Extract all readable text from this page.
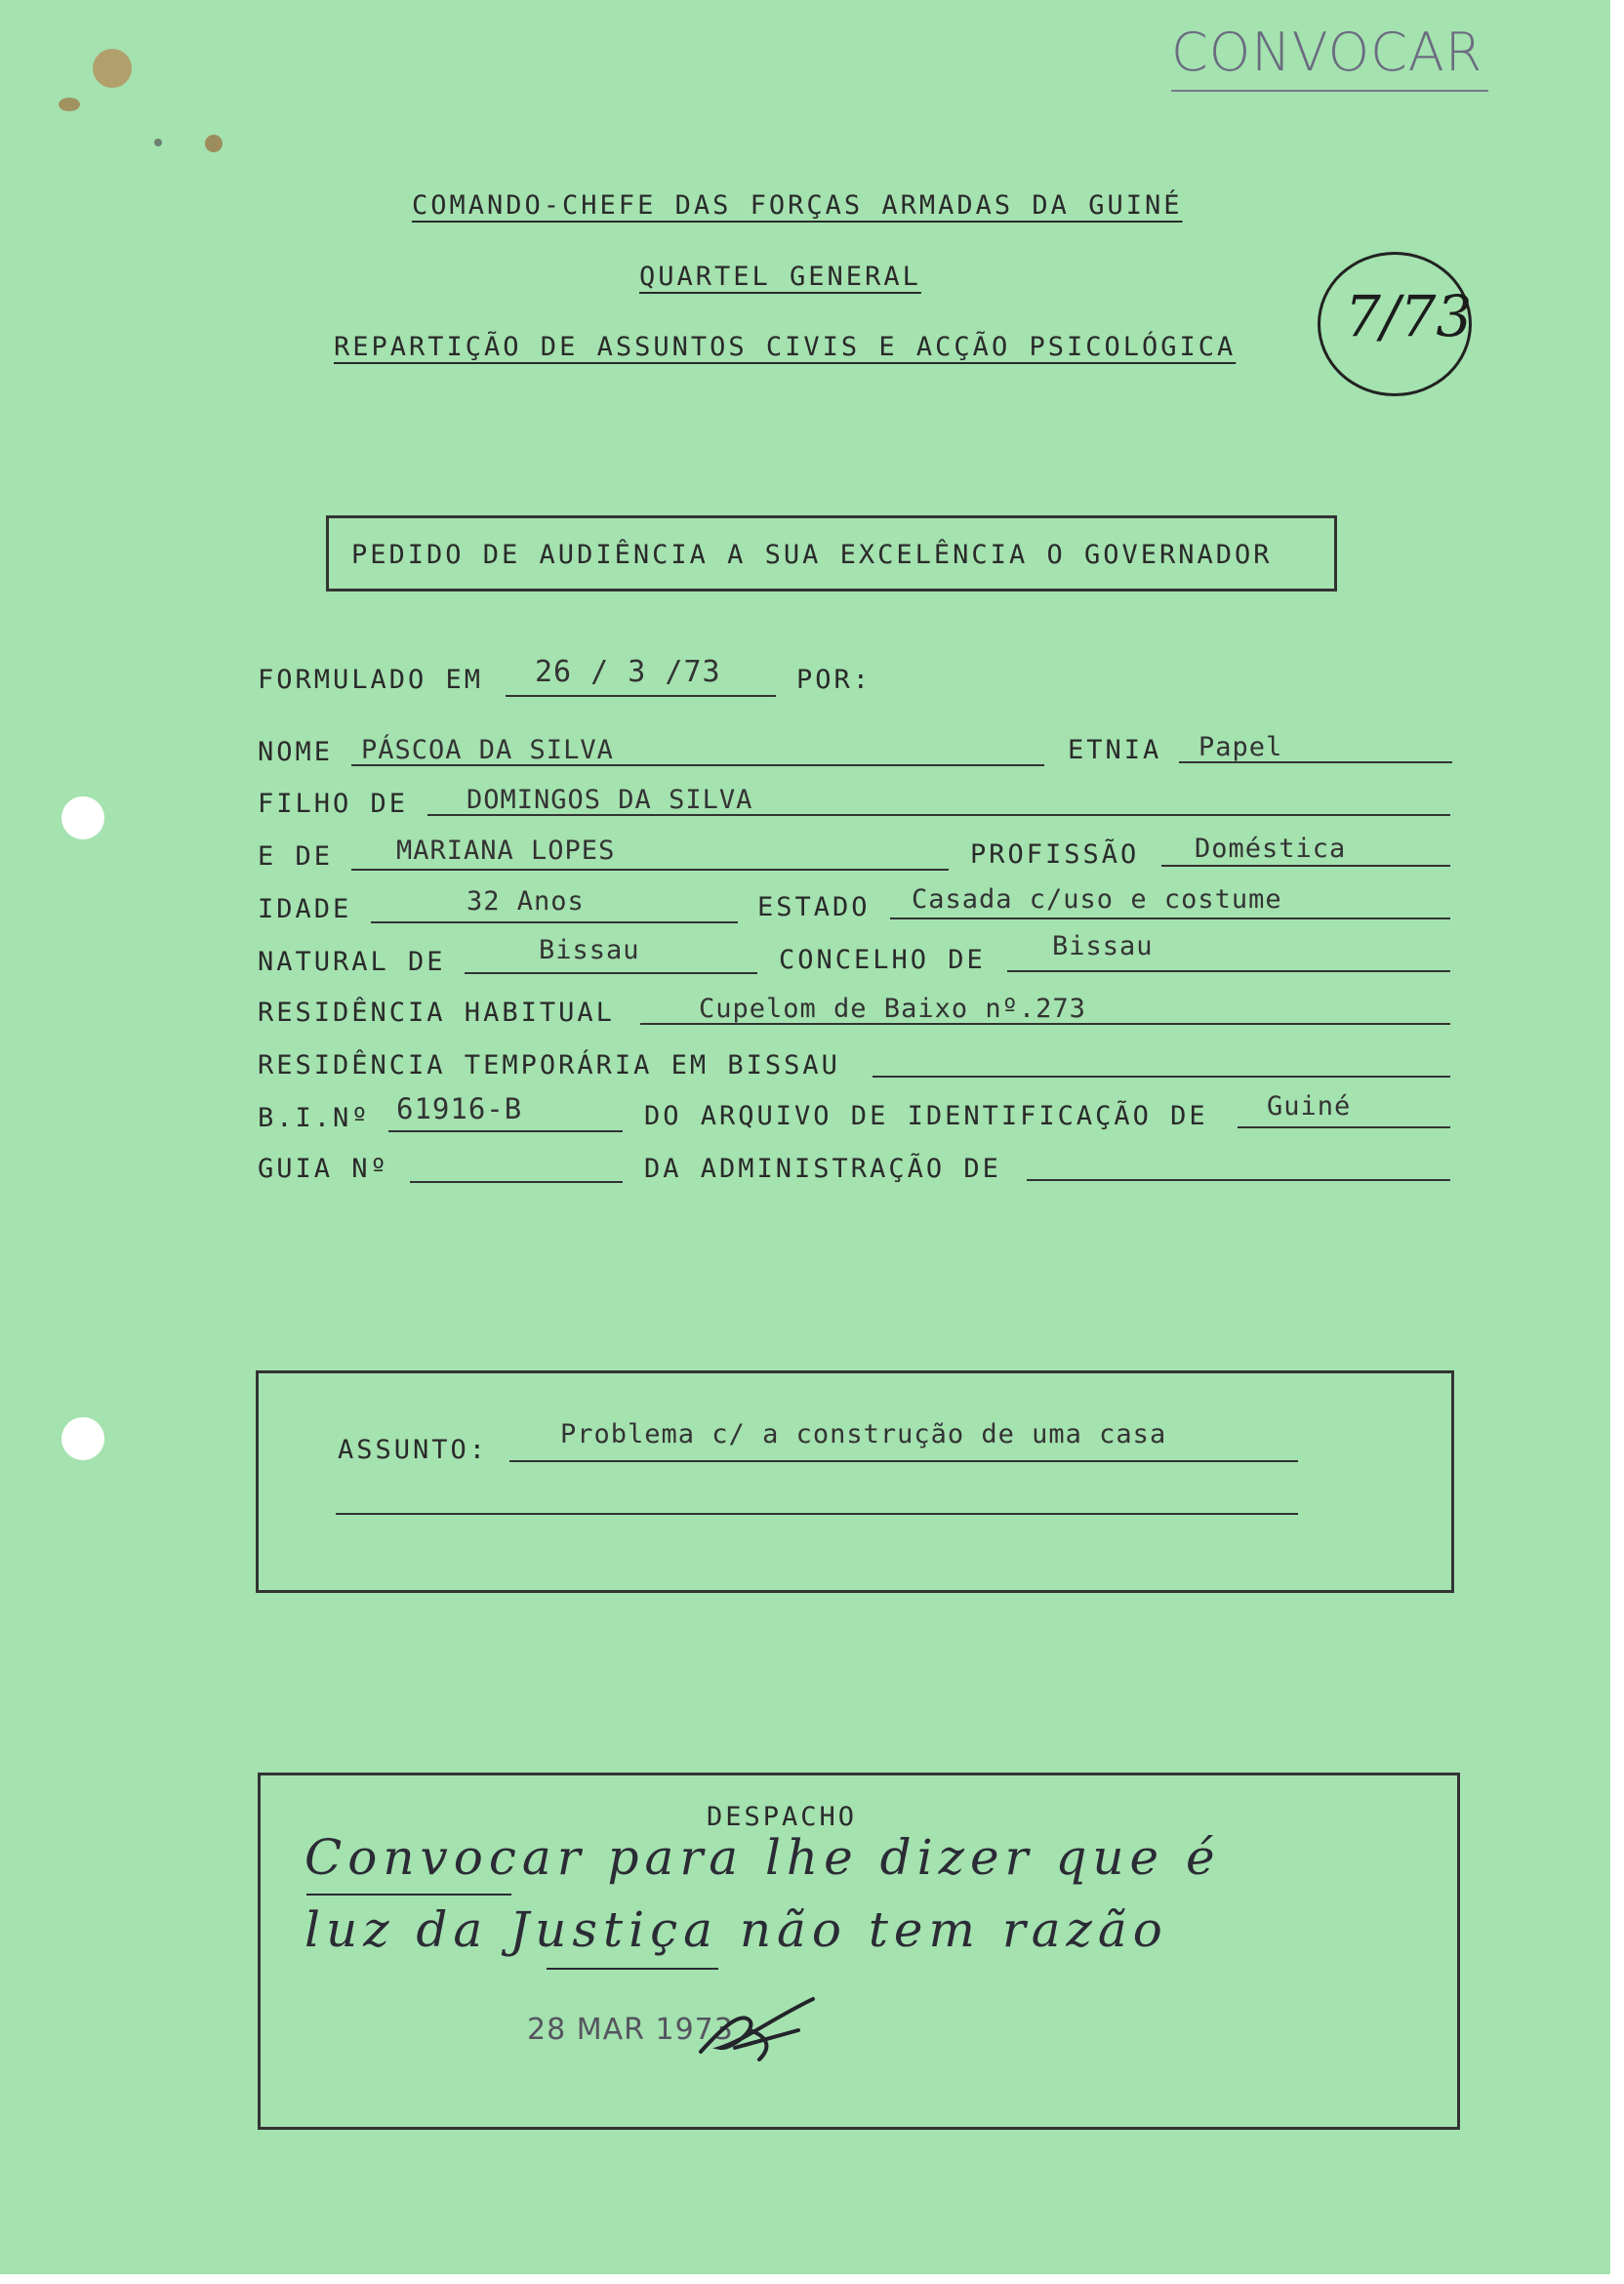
CONVOCAR
7/73
COMANDO-CHEFE DAS FORÇAS ARMADAS DA GUINÉ
QUARTEL GENERAL
REPARTIÇÃO DE ASSUNTOS CIVIS E ACÇÃO PSICOLÓGICA
PEDIDO DE AUDIÊNCIA A SUA EXCELÊNCIA O GOVERNADOR
FORMULADO EM 26 / 3 /73	POR:
NOME PÁSCOA DA SILVA	ETNIA Papel
FILHO DE DOMINGOS DA SILVA
E DE MARIANA LOPES	PROFISSÃO Doméstica
IDADE	32 Anos	ESTADO Casada c/uso e costume
NATURAL DE	Bissau	CONCELHO DE	Bissau
RESIDÊNCIA HABITUAL	Cupelom de Baixo nº.273
RESIDÊNCIA TEMPORÁRIA EM BISSAU
B.I.Nº 61916-B	DO ARQUIVO DE IDENTIFICAÇÃO DE Guiné
GUIA Nº	DA ADMINISTRAÇÃO DE
ASSUNTO:
Problema c/ a construção de uma casa
DESPACHO
Convocar para lhe dizer que é
luz da Justiça não tem razão
28 MAR 1973
